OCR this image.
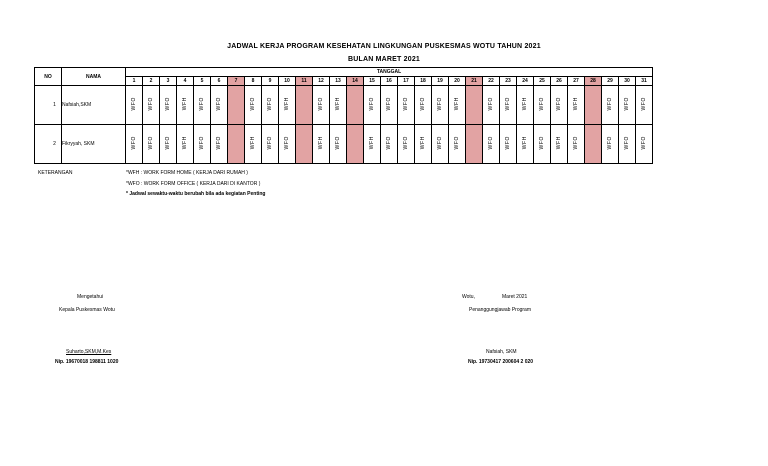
JADWAL KERJA PROGRAM KESEHATAN LINGKUNGAN PUSKESMAS WOTU TAHUN 2021
BULAN MARET 2021
NO	NAMA	TANGGAL																														
		1	2	3	4	5	6	7	8	9	10	11	12	13	14	15	16	17	18	19	20	21	22	23	24	25	26	27	28	29	30	31
1	Nafsiah,SKM	WFO	WFO	WFO	WFH	WFO	WFO		WFO	WFO	WFH		WFO	WFH		WFO	WFO	WFO	WFO	WFO	WFH		WFO	WFO	WFH	WFO	WFO	WFH		WFO	WFO	WFO
2	Fikryyah, SKM	WFO	WFO	WFO	WFH	WFO	WFO		WFH	WFO	WFO		WFH	WFO		WFH	WFO	WFO	WFH	WFO	WFO		WFO	WFO	WFH	WFO	WFH	WFO		WFO	WFO	WFO
KETERANGAN	*WFH : WORK FORM HOME ( KERJA DARI RUMAH )
*WFO : WORK FORM OFFICE ( KERJA DARI DI KANTOR )
* Jadwal sewaktu-waktu berubah bila ada kegiatan Penting
Mengetahui
Kepala Puskesmas Wotu
Suharto,SKM,M.Kes
Nip. 19670018 198811 1020
Wotu,	Maret 2021
Penanggungjawab Program
Nafsiah, SKM
Nip. 19730417 200604 2 020
